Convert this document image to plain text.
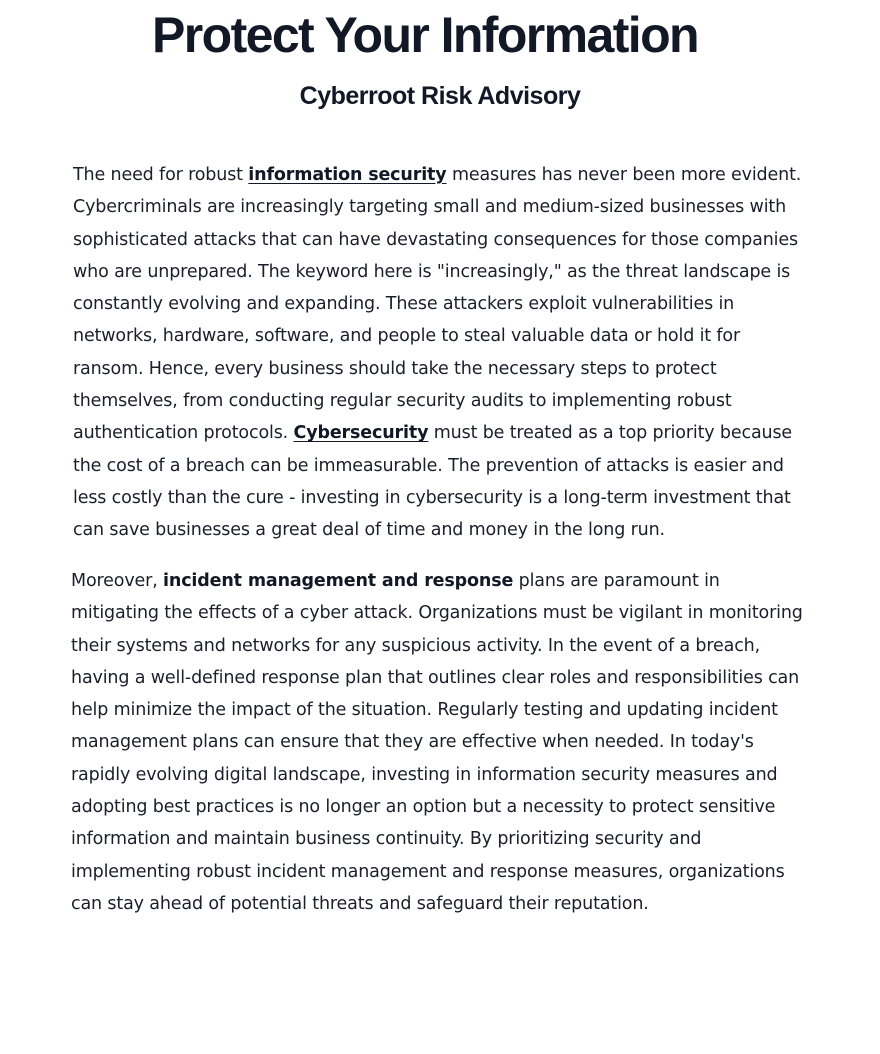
Protect Your Information
Cyberroot Risk Advisory

The need for robust information security measures has never been more evident. Cybercriminals are increasingly targeting small and medium-sized businesses with sophisticated attacks that can have devastating consequences for those companies who are unprepared. The keyword here is "increasingly," as the threat landscape is constantly evolving and expanding. These attackers exploit vulnerabilities in networks, hardware, software, and people to steal valuable data or hold it for ransom. Hence, every business should take the necessary steps to protect themselves, from conducting regular security audits to implementing robust authentication protocols. Cybersecurity must be treated as a top priority because the cost of a breach can be immeasurable. The prevention of attacks is easier and less costly than the cure - investing in cybersecurity is a long-term investment that can save businesses a great deal of time and money in the long run.

Moreover, incident management and response plans are paramount in mitigating the effects of a cyber attack. Organizations must be vigilant in monitoring their systems and networks for any suspicious activity. In the event of a breach, having a well-defined response plan that outlines clear roles and responsibilities can help minimize the impact of the situation. Regularly testing and updating incident management plans can ensure that they are effective when needed. In today's rapidly evolving digital landscape, investing in information security measures and adopting best practices is no longer an option but a necessity to protect sensitive information and maintain business continuity. By prioritizing security and implementing robust incident management and response measures, organizations can stay ahead of potential threats and safeguard their reputation.
